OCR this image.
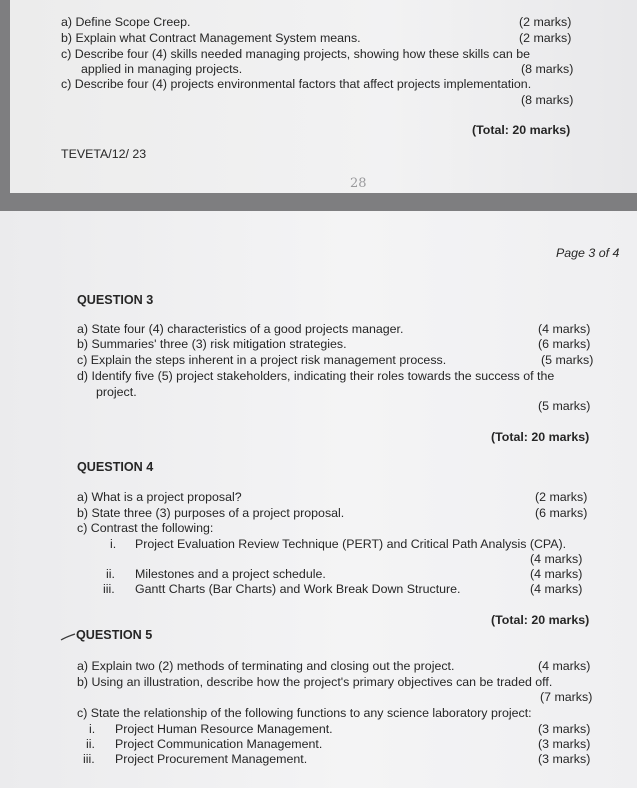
a) Define Scope Creep.	(2 marks)
b) Explain what Contract Management System means.	(2 marks)
c) Describe four (4) skills needed managing projects, showing how these skills can be
applied in managing projects.	(8 marks)
c) Describe four (4) projects environmental factors that affect projects implementation.
(8 marks)
(Total: 20 marks)
TEVETA/12/ 23
28
Page 3 of 4
QUESTION 3
a) State four (4) characteristics of a good projects manager.	(4 marks)
b) Summaries' three (3) risk mitigation strategies.	(6 marks)
c) Explain the steps inherent in a project risk management process.	(5 marks)
d) Identify five (5) project stakeholders, indicating their roles towards the success of the
project.
(5 marks)
(Total: 20 marks)
QUESTION 4
a) What is a project proposal?	(2 marks)
b) State three (3) purposes of a project proposal.	(6 marks)
c) Contrast the following:
i. Project Evaluation Review Technique (PERT) and Critical Path Analysis (CPA).
(4 marks)
ii. Milestones and a project schedule.	(4 marks)
iii. Gantt Charts (Bar Charts) and Work Break Down Structure.	(4 marks)
(Total: 20 marks)
QUESTION 5
a) Explain two (2) methods of terminating and closing out the project.	(4 marks)
b) Using an illustration, describe how the project's primary objectives can be traded off.
(7 marks)
c) State the relationship of the following functions to any science laboratory project:
i. Project Human Resource Management.	(3 marks)
ii. Project Communication Management.	(3 marks)
iii. Project Procurement Management.	(3 marks)
